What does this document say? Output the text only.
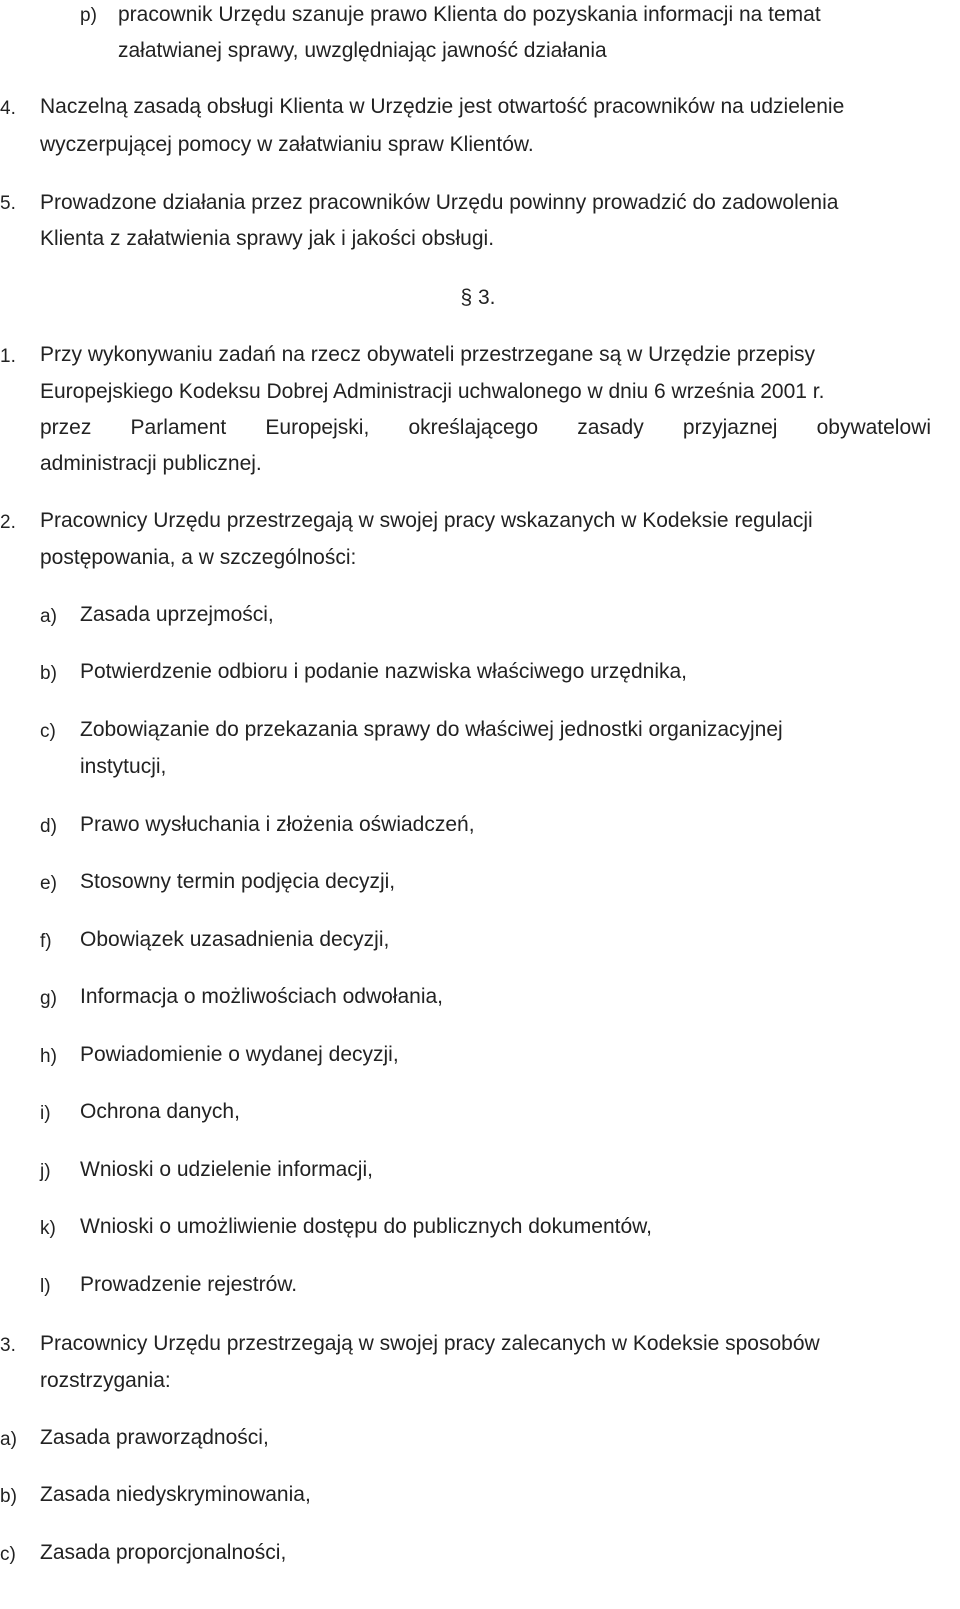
p) pracownik Urzędu szanuje prawo Klienta do pozyskania informacji na temat
załatwianej sprawy, uwzględniając jawność działania
4. Naczelną zasadą obsługi Klienta w Urzędzie jest otwartość pracowników na udzielenie
wyczerpującej pomocy w załatwianiu spraw Klientów.
5. Prowadzone działania przez pracowników Urzędu powinny prowadzić do zadowolenia
Klienta z załatwienia sprawy jak i jakości obsługi.
§ 3.
1. Przy wykonywaniu zadań na rzecz obywateli przestrzegane są w Urzędzie przepisy
Europejskiego Kodeksu Dobrej Administracji uchwalonego w dniu 6 września 2001 r.
przez Parlament Europejski, określającego zasady przyjaznej obywatelowi
administracji publicznej.
2. Pracownicy Urzędu przestrzegają w swojej pracy wskazanych w Kodeksie regulacji
postępowania, a w szczególności:
a) Zasada uprzejmości,
b) Potwierdzenie odbioru i podanie nazwiska właściwego urzędnika,
c) Zobowiązanie do przekazania sprawy do właściwej jednostki organizacyjnej
instytucji,
d) Prawo wysłuchania i złożenia oświadczeń,
e) Stosowny termin podjęcia decyzji,
f) Obowiązek uzasadnienia decyzji,
g) Informacja o możliwościach odwołania,
h) Powiadomienie o wydanej decyzji,
i) Ochrona danych,
j) Wnioski o udzielenie informacji,
k) Wnioski o umożliwienie dostępu do publicznych dokumentów,
l) Prowadzenie rejestrów.
3. Pracownicy Urzędu przestrzegają w swojej pracy zalecanych w Kodeksie sposobów
rozstrzygania:
a) Zasada praworządności,
b) Zasada niedyskryminowania,
c) Zasada proporcjonalności,
